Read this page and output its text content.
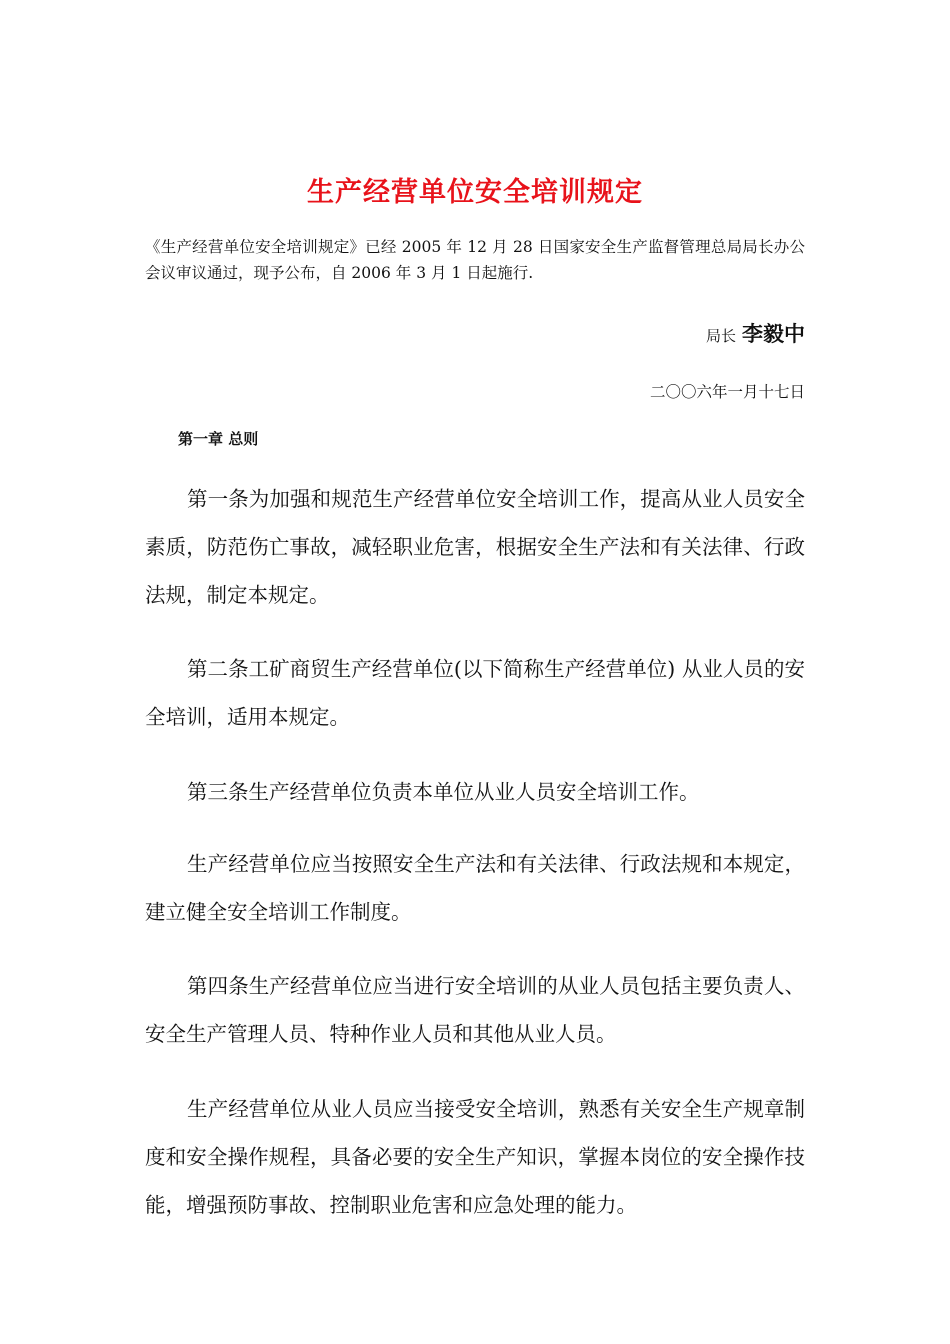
生产经营单位安全培训规定

《生产经营单位安全培训规定》已经 2005 年 12 月 28 日国家安全生产监督管理总局局长办公会议审议通过，现予公布，自 2006 年 3 月 1 日起施行.

局长 李毅中
二〇〇六年一月十七日
第一章 总则

第一条为加强和规范生产经营单位安全培训工作，提高从业人员安全素质，防范伤亡事故，减轻职业危害，根据安全生产法和有关法律、行政法规，制定本规定。

第二条工矿商贸生产经营单位(以下简称生产经营单位) 从业人员的安全培训，适用本规定。

第三条生产经营单位负责本单位从业人员安全培训工作。

生产经营单位应当按照安全生产法和有关法律、行政法规和本规定，建立健全安全培训工作制度。

第四条生产经营单位应当进行安全培训的从业人员包括主要负责人、安全生产管理人员、特种作业人员和其他从业人员。

生产经营单位从业人员应当接受安全培训，熟悉有关安全生产规章制度和安全操作规程，具备必要的安全生产知识，掌握本岗位的安全操作技能，增强预防事故、控制职业危害和应急处理的能力。
